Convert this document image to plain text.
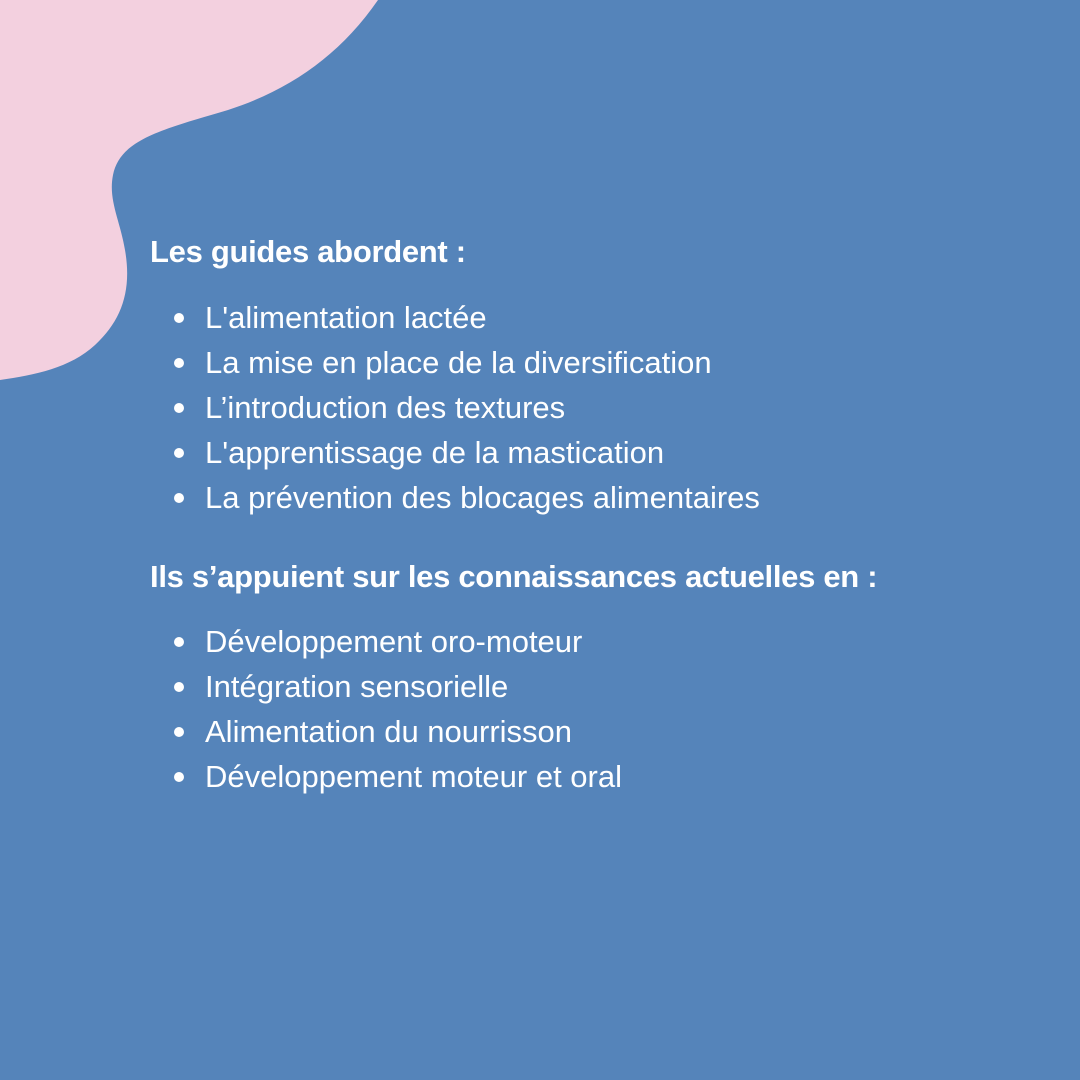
Les guides abordent :
L'alimentation lactée
La mise en place de la diversification
L’introduction des textures
L'apprentissage de la mastication
La prévention des blocages alimentaires
Ils s’appuient sur les connaissances actuelles en :
Développement oro-moteur
Intégration sensorielle
Alimentation du nourrisson
Développement moteur et oral
